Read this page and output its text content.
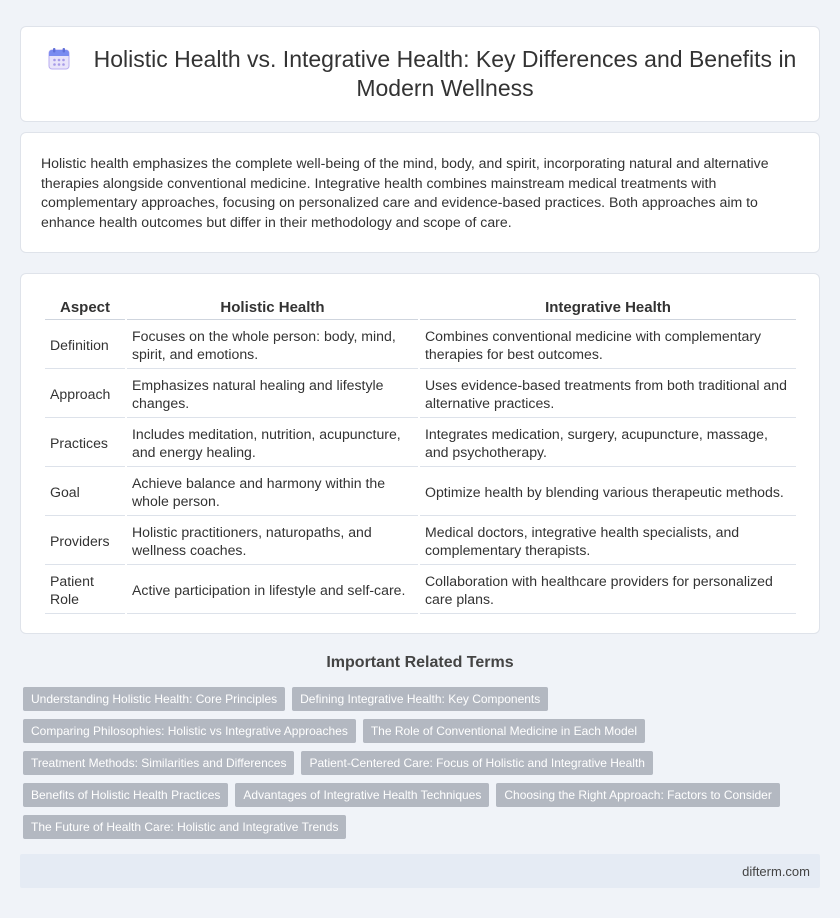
Holistic Health vs. Integrative Health: Key Differences and Benefits in Modern Wellness

Holistic health emphasizes the complete well-being of the mind, body, and spirit, incorporating natural and alternative therapies alongside conventional medicine. Integrative health combines mainstream medical treatments with complementary approaches, focusing on personalized care and evidence-based practices. Both approaches aim to enhance health outcomes but differ in their methodology and scope of care.

Aspect	Holistic Health	Integrative Health
Definition	Focuses on the whole person: body, mind, spirit, and emotions.	Combines conventional medicine with complementary therapies for best outcomes.
Approach	Emphasizes natural healing and lifestyle changes.	Uses evidence-based treatments from both traditional and alternative practices.
Practices	Includes meditation, nutrition, acupuncture, and energy healing.	Integrates medication, surgery, acupuncture, massage, and psychotherapy.
Goal	Achieve balance and harmony within the whole person.	Optimize health by blending various therapeutic methods.
Providers	Holistic practitioners, naturopaths, and wellness coaches.	Medical doctors, integrative health specialists, and complementary therapists.
Patient Role	Active participation in lifestyle and self-care.	Collaboration with healthcare providers for personalized care plans.
Important Related Terms
Understanding Holistic Health: Core Principles	Defining Integrative Health: Key Components
Comparing Philosophies: Holistic vs Integrative Approaches	The Role of Conventional Medicine in Each Model
Treatment Methods: Similarities and Differences	Patient-Centered Care: Focus of Holistic and Integrative Health
Benefits of Holistic Health Practices	Advantages of Integrative Health Techniques	Choosing the Right Approach: Factors to Consider
The Future of Health Care: Holistic and Integrative Trends
difterm.com
